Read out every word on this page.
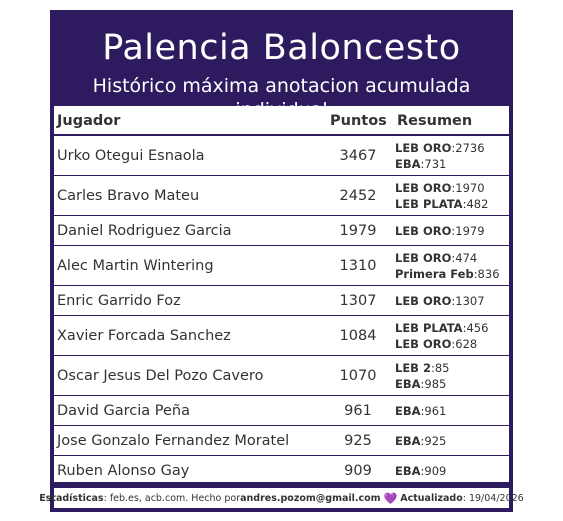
Palencia Baloncesto
Histórico máxima anotacion acumulada
Jugador	Puntos Resumen
Urko Otegui Esnaola	3467	LEB ORO:2736
EBA:731
Carles Bravo Mateu	2452	LEB ORO:1970
LEB PLATA:482
Daniel Rodriguez Garcia	1979	LEB ORO:1979
Alec Martin Wintering	1310	LEB ORO:474
Primera Feb:836
Enric Garrido Foz	1307	LEB ORO:1307
Xavier Forcada Sanchez	1084	LEB PLATA:456
LEB ORO:628
Oscar Jesus Del Pozo Cavero	1070	LEB 2:85
EBA:985
David Garcia Peña	961	EBA:961
Jose Gonzalo Fernandez Moratel	925	EBA:925
Ruben Alonso Gay	909	EBA:909
Estadísticas : feb.es, acb.com. Hecho por andres.pozom@gmail.com 💜 Actualizado : 19/04/2026
